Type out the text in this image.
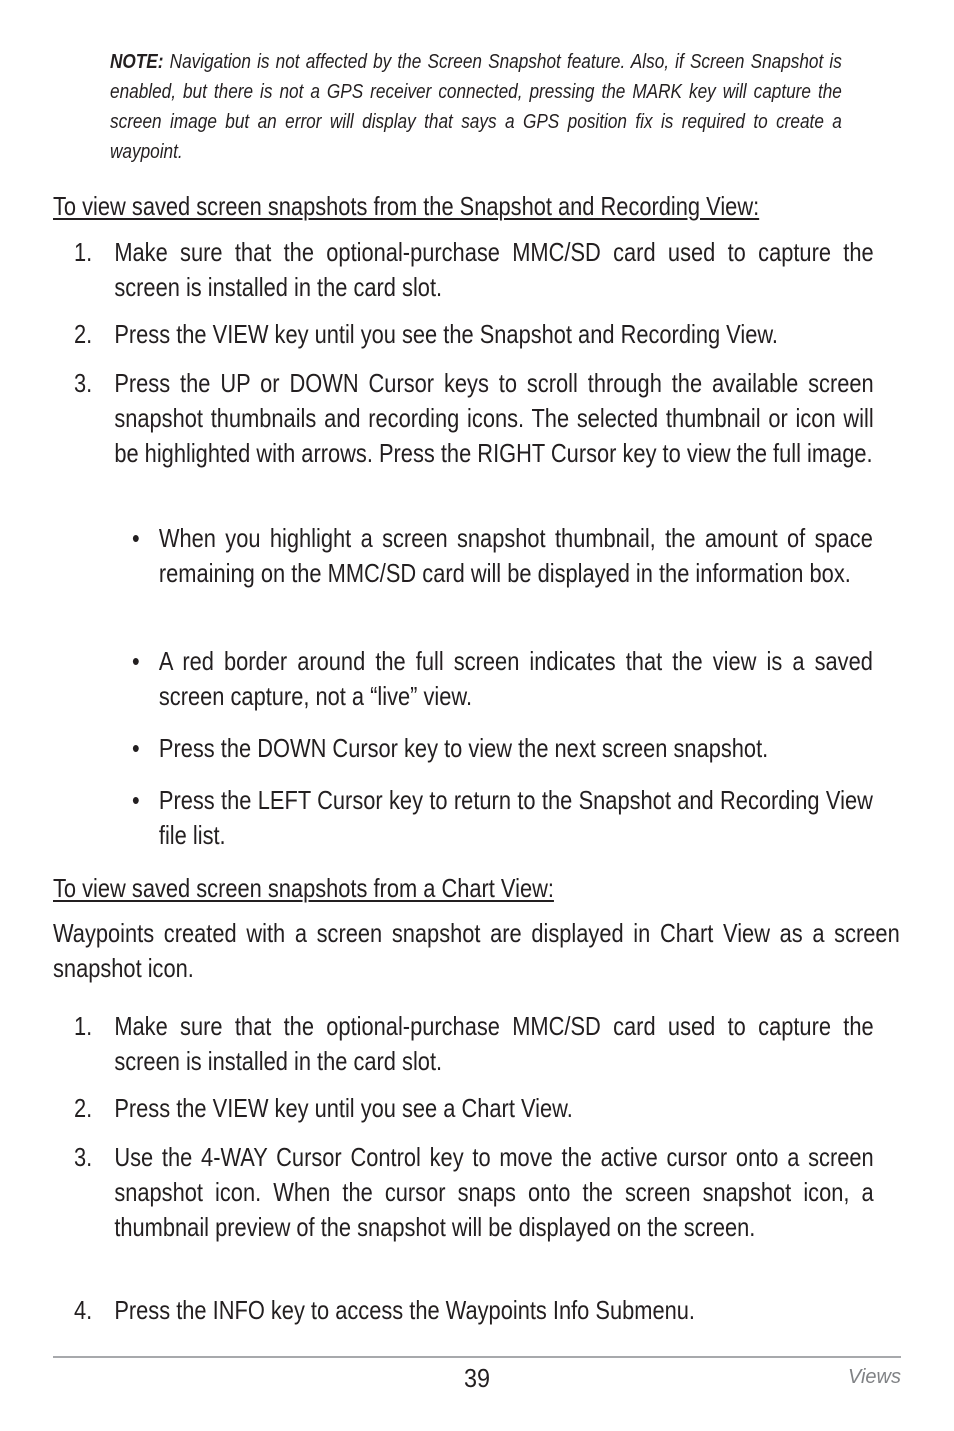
NOTE: Navigation is not affected by the Screen Snapshot feature. Also, if Screen Snapshot is enabled, but there is not a GPS receiver connected, pressing the MARK key will capture the screen image but an error will display that says a GPS position fix is required to create a waypoint.
To view saved screen snapshots from the Snapshot and Recording View:
1. Make sure that the optional-purchase MMC/SD card used to capture the screen is installed in the card slot.
2. Press the VIEW key until you see the Snapshot and Recording View.
3. Press the UP or DOWN Cursor keys to scroll through the available screen snapshot thumbnails and recording icons. The selected thumbnail or icon will be highlighted with arrows. Press the RIGHT Cursor key to view the full image.
• When you highlight a screen snapshot thumbnail, the amount of space remaining on the MMC/SD card will be displayed in the information box.
• A red border around the full screen indicates that the view is a saved screen capture, not a “live” view.
• Press the DOWN Cursor key to view the next screen snapshot.
• Press the LEFT Cursor key to return to the Snapshot and Recording View file list.
To view saved screen snapshots from a Chart View:
Waypoints created with a screen snapshot are displayed in Chart View as a screen snapshot icon.
1. Make sure that the optional-purchase MMC/SD card used to capture the screen is installed in the card slot.
2. Press the VIEW key until you see a Chart View.
3. Use the 4-WAY Cursor Control key to move the active cursor onto a screen snapshot icon. When the cursor snaps onto the screen snapshot icon, a thumbnail preview of the snapshot will be displayed on the screen.
4. Press the INFO key to access the Waypoints Info Submenu.
39	Views
